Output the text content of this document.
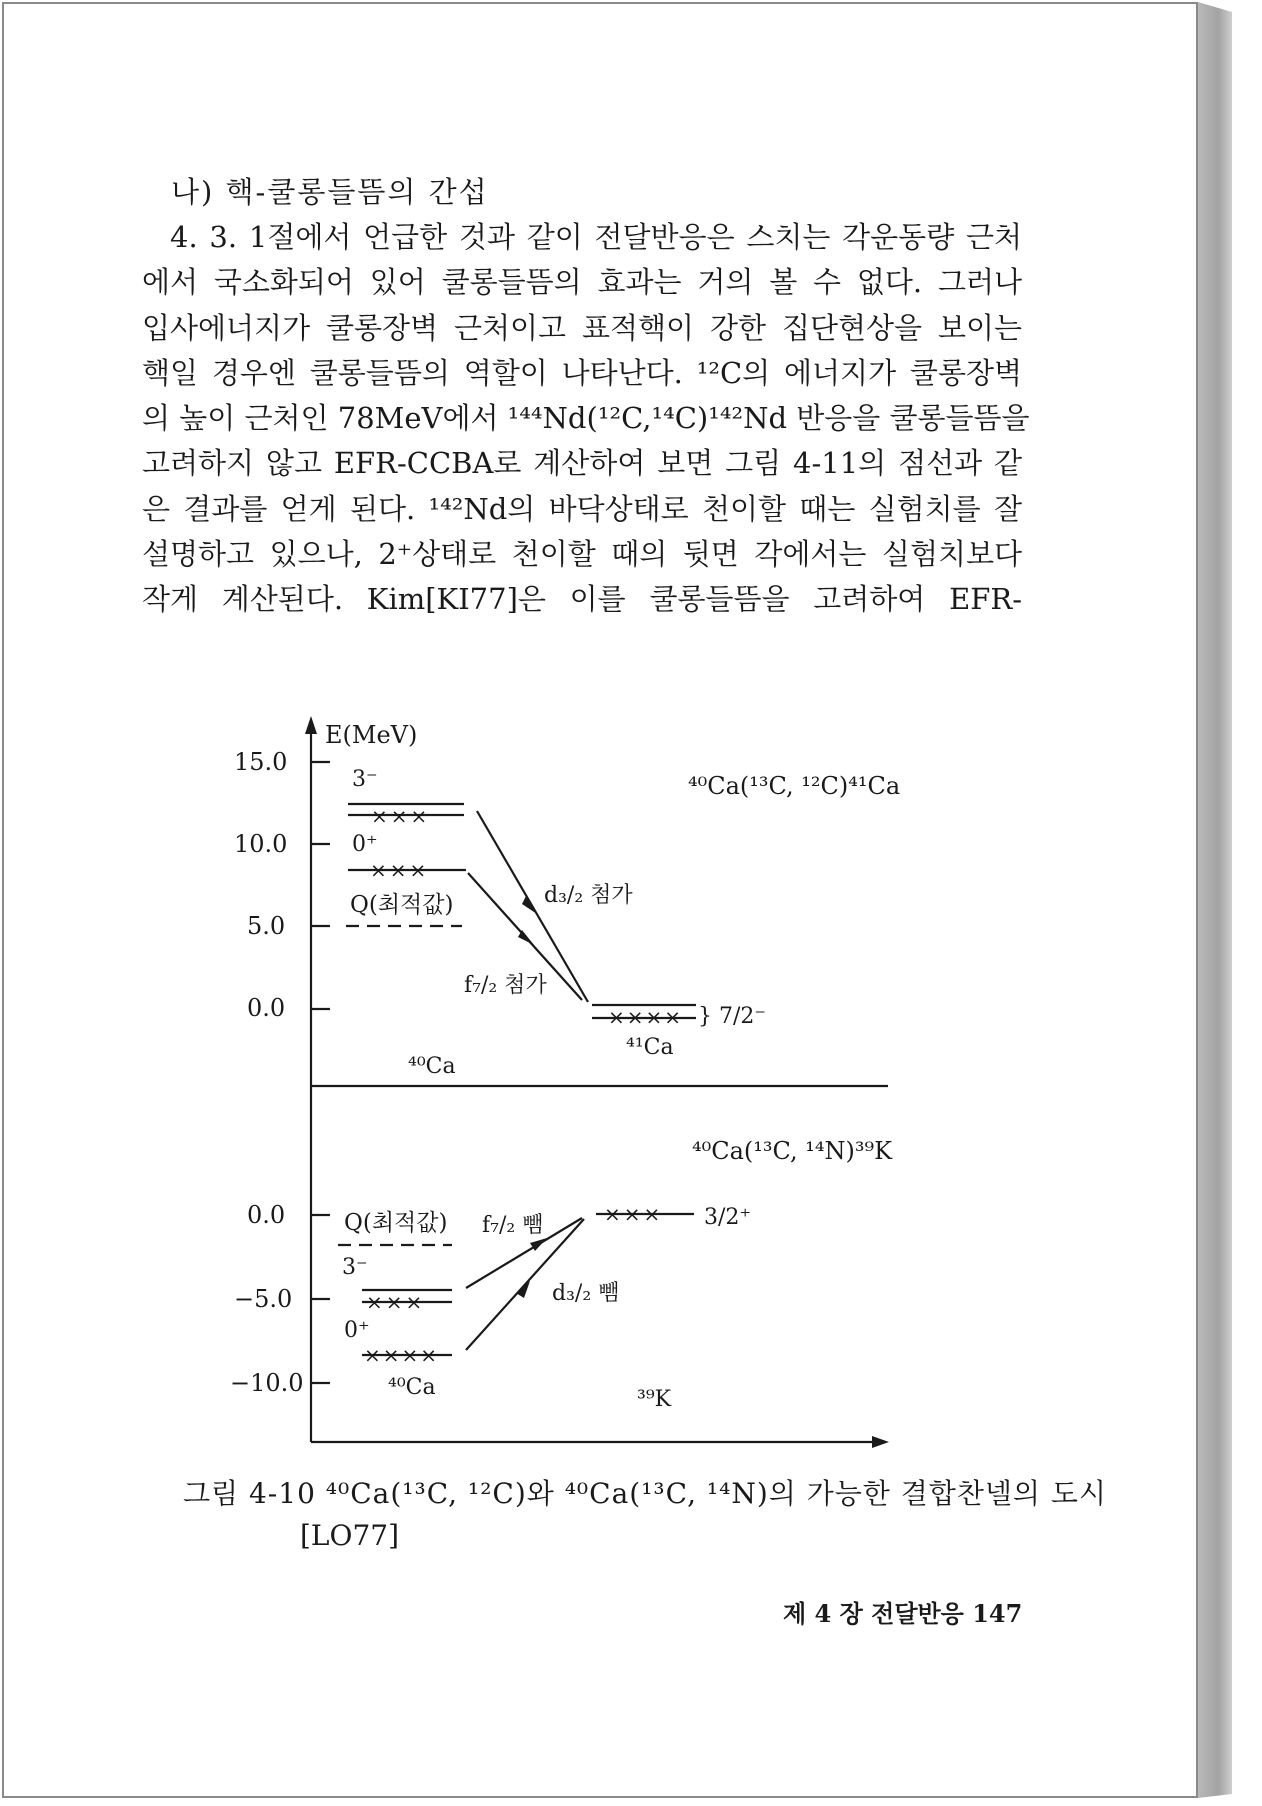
나) 핵-쿨롱들뜸의 간섭
4. 3. 1절에서 언급한 것과 같이 전달반응은 스치는 각운동량 근처
에서 국소화되어 있어 쿨롱들뜸의 효과는 거의 볼 수 없다. 그러나
입사에너지가 쿨롱장벽 근처이고 표적핵이 강한 집단현상을 보이는
핵일 경우엔 쿨롱들뜸의 역할이 나타난다. ¹²C의 에너지가 쿨롱장벽
의 높이 근처인 78MeV에서 ¹⁴⁴Nd(¹²C,¹⁴C)¹⁴²Nd 반응을 쿨롱들뜸을
고려하지 않고 EFR-CCBA로 계산하여 보면 그림 4-11의 점선과 같
은 결과를 얻게 된다. ¹⁴²Nd의 바닥상태로 천이할 때는 실험치를 잘
설명하고 있으나, 2⁺상태로 천이할 때의 뒷면 각에서는 실험치보다
작게 계산된다. Kim[KI77]은 이를 쿨롱들뜸을 고려하여 EFR-
15.0
10.0
5.0
0.0
E(MeV)
⁴⁰Ca(¹³C, ¹²C)⁴¹Ca
3⁻
×××
0⁺
×××
Q(최적값)	d₃/₂ 첨가
f₇/₂ 첨가
×××× } 7/2⁻
⁴¹Ca
⁴⁰Ca
⁴⁰Ca(¹³C, ¹⁴N)³⁹K
0.0
−5.0
−10.0
Q(최적값)
3⁻
×××
0⁺
××××
⁴⁰Ca
f₇/₂ 뺌
d₃/₂ 뺌
××× 3/2⁺
³⁹K
그림 4-10 ⁴⁰Ca(¹³C, ¹²C)와 ⁴⁰Ca(¹³C, ¹⁴N)의 가능한 결합찬넬의 도시
[LO77]
제 4 장 전달반응 147
